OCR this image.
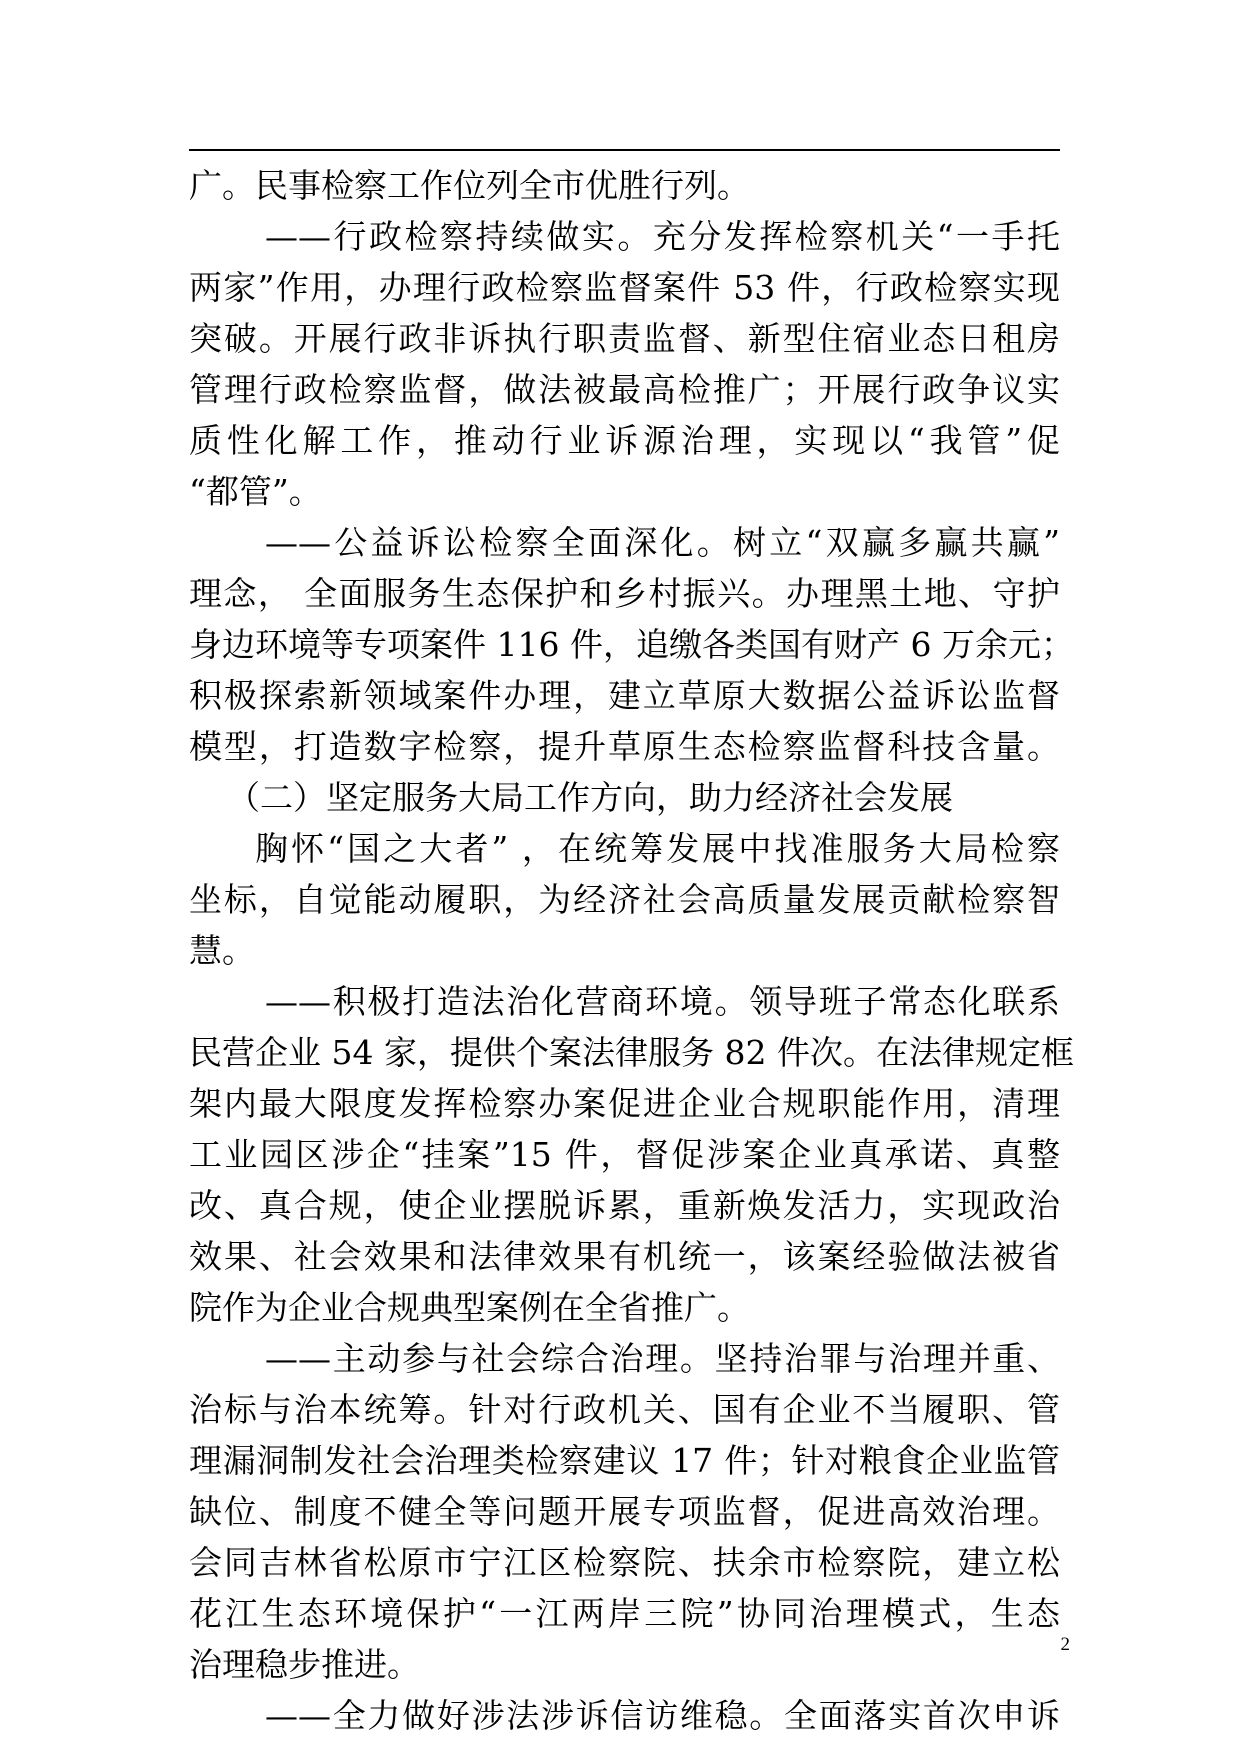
广。民事检察工作位列全市优胜行列。
——行政检察持续做实。充分发挥检察机关“一手托
两家”作用，办理行政检察监督案件 53 件，行政检察实现
突破。开展行政非诉执行职责监督、新型住宿业态日租房
管理行政检察监督，做法被最高检推广；开展行政争议实
质性化解工作，推动行业诉源治理，实现以“我管”促
“都管”。
——公益诉讼检察全面深化。树立“双赢多赢共赢”
理念， 全面服务生态保护和乡村振兴。办理黑土地、守护
身边环境等专项案件 116 件，追缴各类国有财产 6 万余元；
积极探索新领域案件办理，建立草原大数据公益诉讼监督
模型，打造数字检察，提升草原生态检察监督科技含量。
（二）坚定服务大局工作方向，助力经济社会发展
胸怀“国之大者” ，在统筹发展中找准服务大局检察
坐标，自觉能动履职，为经济社会高质量发展贡献检察智
慧。
——积极打造法治化营商环境。领导班子常态化联系
民营企业 54 家，提供个案法律服务 82 件次。在法律规定框
架内最大限度发挥检察办案促进企业合规职能作用，清理
工业园区涉企“挂案”15 件，督促涉案企业真承诺、真整
改、真合规，使企业摆脱诉累，重新焕发活力，实现政治
效果、社会效果和法律效果有机统一，该案经验做法被省
院作为企业合规典型案例在全省推广。
——主动参与社会综合治理。坚持治罪与治理并重、
治标与治本统筹。针对行政机关、国有企业不当履职、管
理漏洞制发社会治理类检察建议 17 件；针对粮食企业监管
缺位、制度不健全等问题开展专项监督，促进高效治理。
会同吉林省松原市宁江区检察院、扶余市检察院，建立松
花江生态环境保护“一江两岸三院”协同治理模式，生态
治理稳步推进。
——全力做好涉法涉诉信访维稳。全面落实首次申诉
2
